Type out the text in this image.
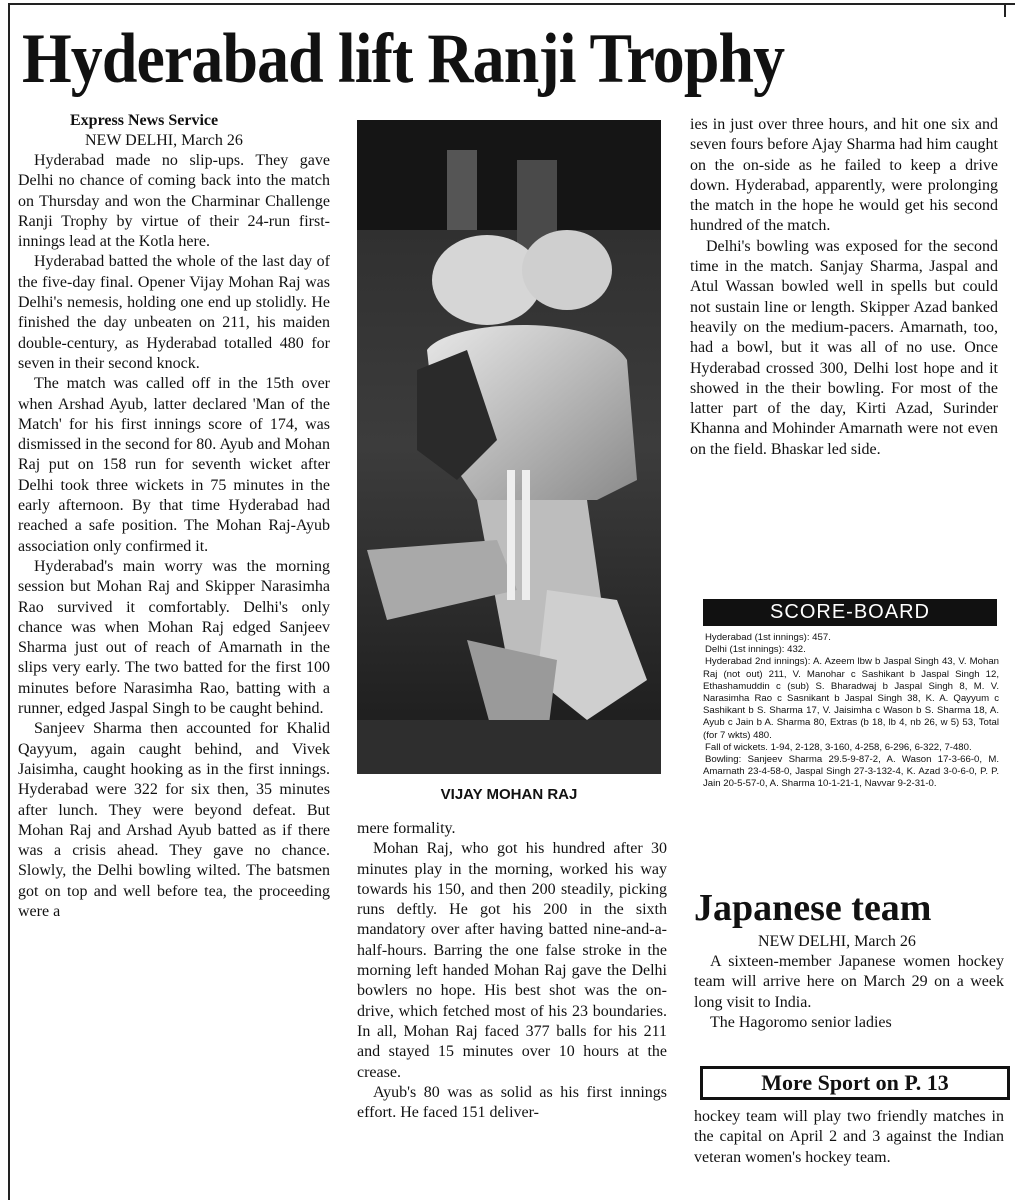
Hyderabad lift Ranji Trophy
Express News Service
NEW DELHI, March 26

Hyderabad made no slip-ups. They gave Delhi no chance of coming back into the match on Thursday and won the Charminar Challenge Ranji Trophy by virtue of their 24-run first-innings lead at the Kotla here.

Hyderabad batted the whole of the last day of the five-day final. Opener Vijay Mohan Raj was Delhi's nemesis, holding one end up stolidly. He finished the day unbeaten on 211, his maiden double-century, as Hyderabad totalled 480 for seven in their second knock.

The match was called off in the 15th over when Arshad Ayub, latter declared 'Man of the Match' for his first innings score of 174, was dismissed in the second for 80. Ayub and Mohan Raj put on 158 run for seventh wicket after Delhi took three wickets in 75 minutes in the early afternoon. By that time Hyderabad had reached a safe position. The Mohan Raj-Ayub association only confirmed it.

Hyderabad's main worry was the morning session but Mohan Raj and Skipper Narasimha Rao survived it comfortably. Delhi's only chance was when Mohan Raj edged Sanjeev Sharma just out of reach of Amarnath in the slips very early. The two batted for the first 100 minutes before Narasimha Rao, batting with a runner, edged Jaspal Singh to be caught behind.

Sanjeev Sharma then accounted for Khalid Qayyum, again caught behind, and Vivek Jaisimha, caught hooking as in the first innings. Hyderabad were 322 for six then, 35 minutes after lunch. They were beyond defeat. But Mohan Raj and Arshad Ayub batted as if there was a crisis ahead. They gave no chance. Slowly, the Delhi bowling wilted. The batsmen got on top and well before tea, the proceeding were a

VIJAY MOHAN RAJ

mere formality.

Mohan Raj, who got his hundred after 30 minutes play in the morning, worked his way towards his 150, and then 200 steadily, picking runs deftly. He got his 200 in the sixth mandatory over after having batted nine-and-a-half-hours. Barring the one false stroke in the morning left handed Mohan Raj gave the Delhi bowlers no hope. His best shot was the on-drive, which fetched most of his 23 boundaries. In all, Mohan Raj faced 377 balls for his 211 and stayed 15 minutes over 10 hours at the crease.

Ayub's 80 was as solid as his first innings effort. He faced 151 deliver-

ies in just over three hours, and hit one six and seven fours before Ajay Sharma had him caught on the on-side as he failed to keep a drive down. Hyderabad, apparently, were prolonging the match in the hope he would get his second hundred of the match.

Delhi's bowling was exposed for the second time in the match. Sanjay Sharma, Jaspal and Atul Wassan bowled well in spells but could not sustain line or length. Skipper Azad banked heavily on the medium-pacers. Amarnath, too, had a bowl, but it was all of no use. Once Hyderabad crossed 300, Delhi lost hope and it showed in the their bowling. For most of the latter part of the day, Kirti Azad, Surinder Khanna and Mohinder Amarnath were not even on the field. Bhaskar led side.

SCORE-BOARD

Hyderabad (1st innings): 457.

Delhi (1st innings): 432.

Hyderabad 2nd innings): A. Azeem lbw b Jaspal Singh 43, V. Mohan Raj (not out) 211, V. Manohar c Sashikant b Jaspal Singh 12, Ethashamuddin c (sub) S. Bharadwaj b Jaspal Singh 8, M. V. Narasimha Rao c Sasnikant b Jaspal Singh 38, K. A. Qayyum c Sashikant b S. Sharma 17, V. Jaisimha c Wason b S. Sharma 18, A. Ayub c Jain b A. Sharma 80, Extras (b 18, lb 4, nb 26, w 5) 53, Total (for 7 wkts) 480.

Fall of wickets. 1-94, 2-128, 3-160, 4-258, 6-296, 6-322, 7-480.

Bowling: Sanjeev Sharma 29.5-9-87-2, A. Wason 17-3-66-0, M. Amarnath 23-4-58-0, Jaspal Singh 27-3-132-4, K. Azad 3-0-6-0, P. P. Jain 20-5-57-0, A. Sharma 10-1-21-1, Navvar 9-2-31-0.

Japanese team
NEW DELHI, March 26

A sixteen-member Japanese women hockey team will arrive here on March 29 on a week long visit to India.

The Hagoromo senior ladies

More Sport on P. 13

hockey team will play two friendly matches in the capital on April 2 and 3 against the Indian veteran women's hockey team.
